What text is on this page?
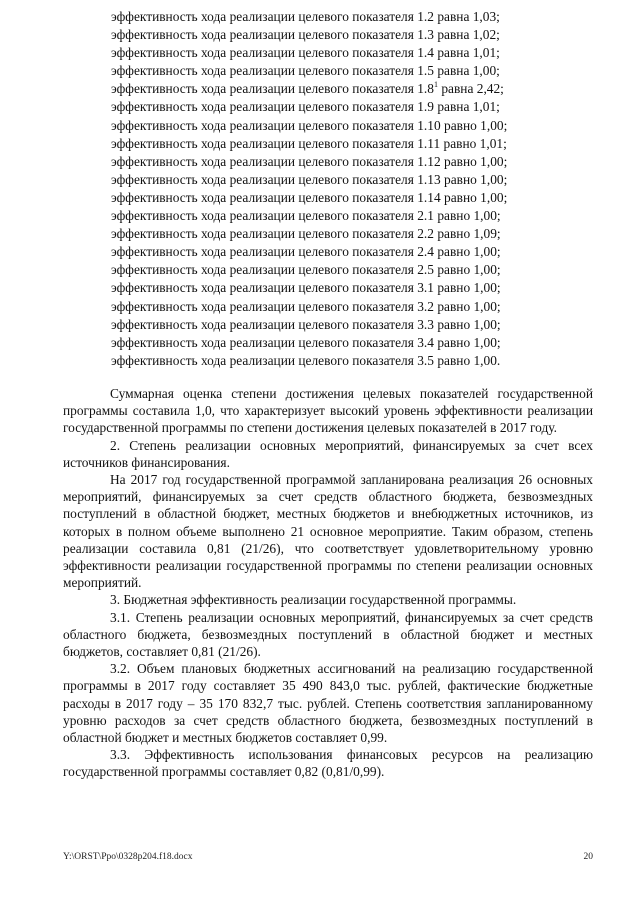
эффективность хода реализации целевого показателя 1.2 равна 1,03;
эффективность хода реализации целевого показателя 1.3 равна 1,02;
эффективность хода реализации целевого показателя 1.4 равна 1,01;
эффективность хода реализации целевого показателя 1.5 равна 1,00;
эффективность хода реализации целевого показателя $1.8^1$ равна 2,42;
эффективность хода реализации целевого показателя 1.9 равна 1,01;
эффективность хода реализации целевого показателя 1.10 равно 1,00;
эффективность хода реализации целевого показателя 1.11 равно 1,01;
эффективность хода реализации целевого показателя 1.12 равно 1,00;
эффективность хода реализации целевого показателя 1.13 равно 1,00;
эффективность хода реализации целевого показателя 1.14 равно 1,00;
эффективность хода реализации целевого показателя 2.1 равно 1,00;
эффективность хода реализации целевого показателя 2.2 равно 1,09;
эффективность хода реализации целевого показателя 2.4 равно 1,00;
эффективность хода реализации целевого показателя 2.5 равно 1,00;
эффективность хода реализации целевого показателя 3.1 равно 1,00;
эффективность хода реализации целевого показателя 3.2 равно 1,00;
эффективность хода реализации целевого показателя 3.3 равно 1,00;
эффективность хода реализации целевого показателя 3.4 равно 1,00;
эффективность хода реализации целевого показателя 3.5 равно 1,00.

Суммарная оценка степени достижения целевых показателей государственной программы составила 1,0, что характеризует высокий уровень эффективности реализации государственной программы по степени достижения целевых показателей в 2017 году.

2. Степень реализации основных мероприятий, финансируемых за счет всех источников финансирования.

На 2017 год государственной программой запланирована реализация 26 основных мероприятий, финансируемых за счет средств областного бюджета, безвозмездных поступлений в областной бюджет, местных бюджетов и внебюджетных источников, из которых в полном объеме выполнено 21 основное мероприятие. Таким образом, степень реализации составила 0,81 (21/26), что соответствует удовлетворительному уровню эффективности реализации государственной программы по степени реализации основных мероприятий.

3. Бюджетная эффективность реализации государственной программы.

3.1. Степень реализации основных мероприятий, финансируемых за счет средств областного бюджета, безвозмездных поступлений в областной бюджет и местных бюджетов, составляет 0,81 (21/26).

3.2. Объем плановых бюджетных ассигнований на реализацию государственной программы в 2017 году составляет 35 490 843,0 тыс. рублей, фактические бюджетные расходы в 2017 году – 35 170 832,7 тыс. рублей. Степень соответствия запланированному уровню расходов за счет средств областного бюджета, безвозмездных поступлений в областной бюджет и местных бюджетов составляет 0,99.

3.3. Эффективность использования финансовых ресурсов на реализацию государственной программы составляет 0,82 (0,81/0,99).

Y:\ORST\Ppo\0328p204.f18.docx	20
